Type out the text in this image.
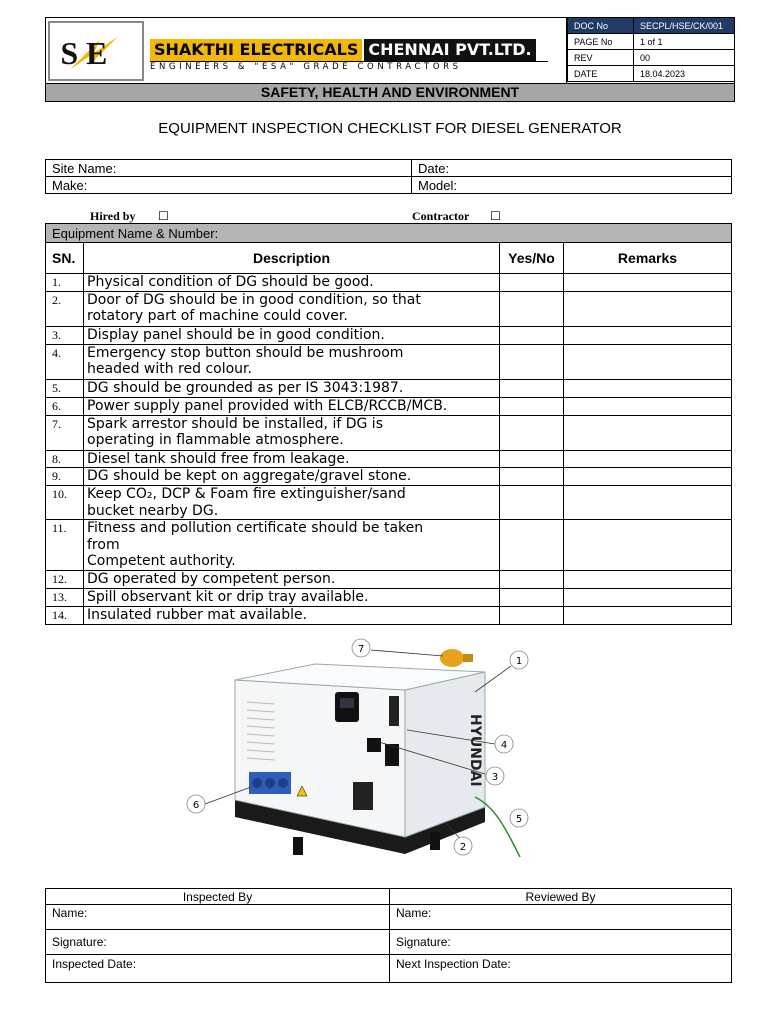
S E	SHAKTHI ELECTRICALS CHENNAI PVT.LTD.
ENGINEERS & "ESA" GRADE CONTRACTORS
DOC No	SECPL/HSE/CK/001
PAGE No	1 of 1
REV	00
DATE	18.04.2023
SAFETY, HEALTH AND ENVIRONMENT
EQUIPMENT INSPECTION CHECKLIST FOR DIESEL GENERATOR
Site Name:	Date:
Make:	Model:
Hired by ☐	Contractor ☐
Equipment Name & Number:			
SN.	Description	Yes/No	Remarks
1.	Physical condition of DG should be good.		

2.	Door of DG should be in good condition, so that
rotatory part of machine could cover.		

3.	Display panel should be in good condition.		

4.	Emergency stop button should be mushroom
headed with red colour.		

5.	DG should be grounded as per IS 3043:1987.		

6.	Power supply panel provided with ELCB/RCCB/MCB.		

7.	Spark arrestor should be installed, if DG is
operating in flammable atmosphere.		

8.	Diesel tank should free from leakage.		

9.	DG should be kept on aggregate/gravel stone.		

10.	Keep CO₂, DCP & Foam fire extinguisher/sand
bucket nearby DG.		

11.	Fitness and pollution certificate should be taken
from
Competent authority.		

12.	DG operated by competent person.		

13.	Spill observant kit or drip tray available.		

14.	Insulated rubber mat available.		

HYUNDAI
7
1
2
3
4
5
6
Inspected By	Reviewed By
Name:	Name:
Signature:	Signature:
Inspected Date:	Next Inspection Date:
